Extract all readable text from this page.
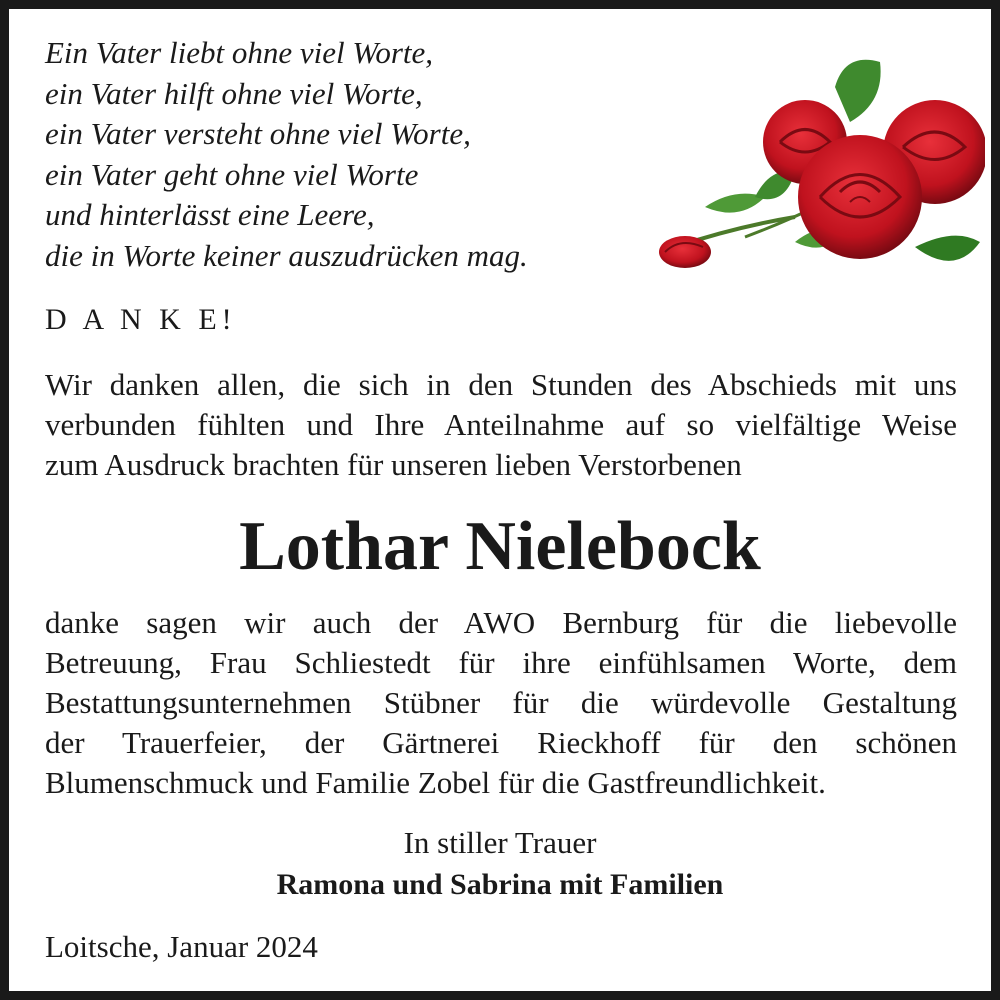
Ein Vater liebt ohne viel Worte,
ein Vater hilft ohne viel Worte,
ein Vater versteht ohne viel Worte,
ein Vater geht ohne viel Worte
und hinterlässt eine Leere,
die in Worte keiner auszudrücken mag.
D A N K E!
Wir danken allen, die sich in den Stunden des Abschieds mit uns
verbunden fühlten und Ihre Anteilnahme auf so vielfältige Weise
zum Ausdruck brachten für unseren lieben Verstorbenen
Lothar Nielebock
danke sagen wir auch der AWO Bernburg für die liebevolle
Betreuung, Frau Schliestedt für ihre einfühlsamen Worte, dem
Bestattungsunternehmen Stübner für die würdevolle Gestaltung
der Trauerfeier, der Gärtnerei Rieckhoff für den schönen
Blumenschmuck und Familie Zobel für die Gastfreundlichkeit.
In stiller Trauer
Ramona und Sabrina mit Familien
Loitsche, Januar 2024
